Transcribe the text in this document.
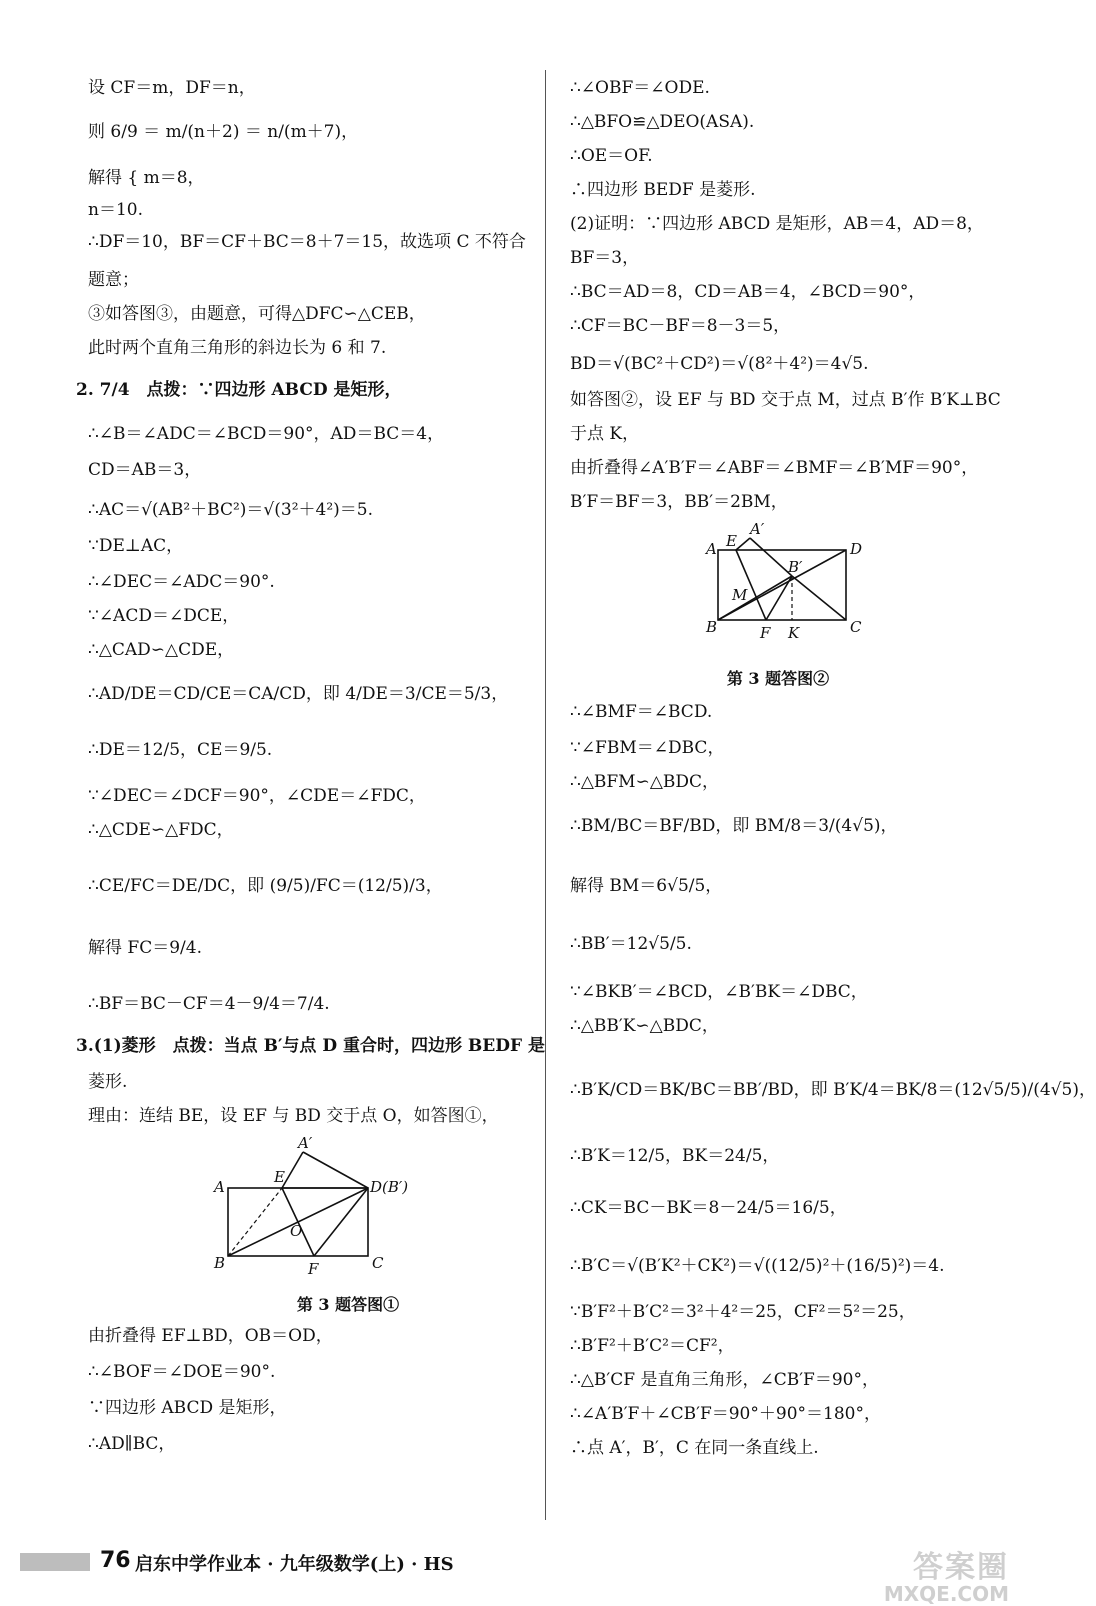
设 CF＝m，DF＝n，
则 6/9 ＝ m/(n＋2) ＝ n/(m＋7)，
解得 { m＝8，
n＝10.
∴DF＝10，BF＝CF＋BC＝8＋7＝15，故选项 C 不符合
题意；
③如答图③，由题意，可得△DFC∽△CEB，
此时两个直角三角形的斜边长为 6 和 7.
2. 7/4　点拨：∵四边形 ABCD 是矩形，
∴∠B＝∠ADC＝∠BCD＝90°，AD＝BC＝4，
CD＝AB＝3，
∴AC＝√(AB²＋BC²)＝√(3²＋4²)＝5.
∵DE⊥AC，
∴∠DEC＝∠ADC＝90°.
∵∠ACD＝∠DCE，
∴△CAD∽△CDE，
∴AD/DE＝CD/CE＝CA/CD，即 4/DE＝3/CE＝5/3，
∴DE＝12/5，CE＝9/5.
∵∠DEC＝∠DCF＝90°，∠CDE＝∠FDC，
∴△CDE∽△FDC，
∴CE/FC＝DE/DC，即 (9/5)/FC＝(12/5)/3，
解得 FC＝9/4.
∴BF＝BC－CF＝4－9/4＝7/4.
3.(1)菱形　点拨：当点 B′与点 D 重合时，四边形 BEDF 是
菱形.
理由：连结 BE，设 EF 与 BD 交于点 O，如答图①，
A
B	C
D(B′)
E
F
O
A′
第 3 题答图①
由折叠得 EF⊥BD，OB＝OD，
∴∠BOF＝∠DOE＝90°.
∵四边形 ABCD 是矩形，
∴AD∥BC，
∴∠OBF＝∠ODE.
∴△BFO≌△DEO(ASA).
∴OE＝OF.
∴四边形 BEDF 是菱形.
(2)证明：∵四边形 ABCD 是矩形，AB＝4，AD＝8，
BF＝3，
∴BC＝AD＝8，CD＝AB＝4，∠BCD＝90°，
∴CF＝BC－BF＝8－3＝5，
BD＝√(BC²＋CD²)＝√(8²＋4²)＝4√5.
如答图②，设 EF 与 BD 交于点 M，过点 B′作 B′K⊥BC
于点 K，
由折叠得∠A′B′F＝∠ABF＝∠BMF＝∠B′MF＝90°，
B′F＝BF＝3，BB′＝2BM，
A
B	C
D
E
F K
M
A′
B′
第 3 题答图②
∴∠BMF＝∠BCD.
∵∠FBM＝∠DBC，
∴△BFM∽△BDC，
∴BM/BC＝BF/BD，即 BM/8＝3/(4√5)，
解得 BM＝6√5/5，
∴BB′＝12√5/5.
∵∠BKB′＝∠BCD，∠B′BK＝∠DBC，
∴△BB′K∽△BDC，
∴B′K/CD＝BK/BC＝BB′/BD，即 B′K/4＝BK/8＝(12√5/5)/(4√5)，
∴B′K＝12/5，BK＝24/5，
∴CK＝BC－BK＝8－24/5＝16/5，
∴B′C＝√(B′K²＋CK²)＝√((12/5)²＋(16/5)²)＝4.
∵B′F²＋B′C²＝3²＋4²＝25，CF²＝5²＝25，
∴B′F²＋B′C²＝CF²，
∴△B′CF 是直角三角形，∠CB′F＝90°，
∴∠A′B′F＋∠CB′F＝90°＋90°＝180°，
∴点 A′，B′，C 在同一条直线上.
76 启东中学作业本 · 九年级数学(上) · HS	答案圈
MXQE.COM
